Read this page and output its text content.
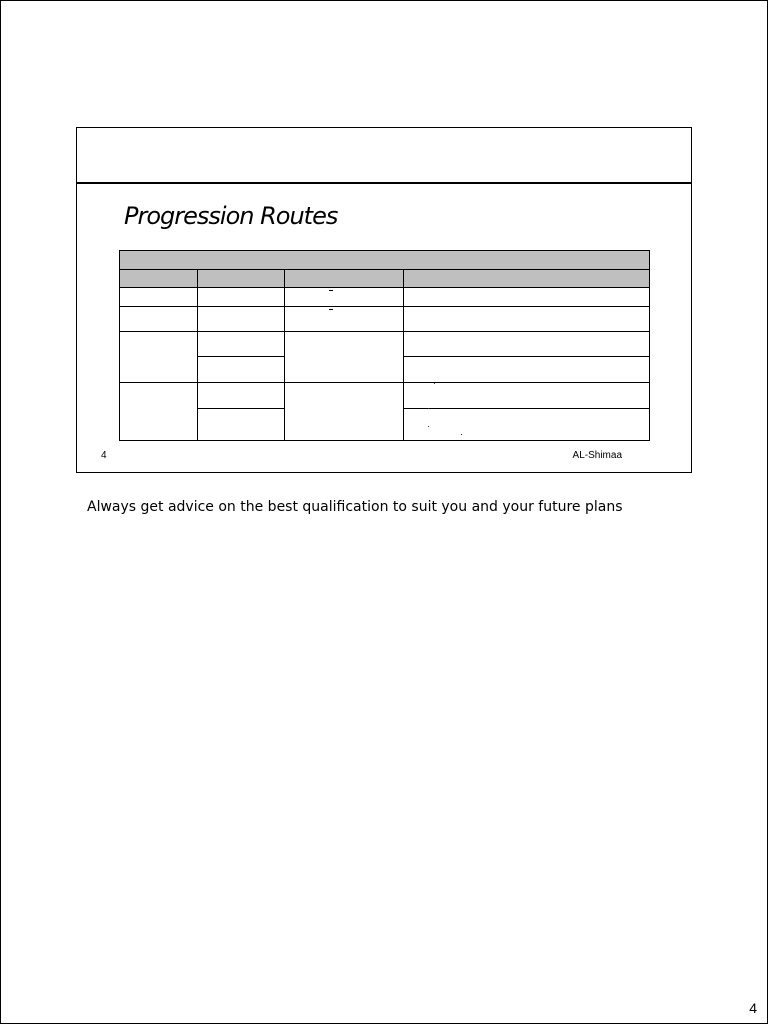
Progression Routes
4	AL-Shimaa
Always get advice on the best qualification to suit you and your future plans
4
